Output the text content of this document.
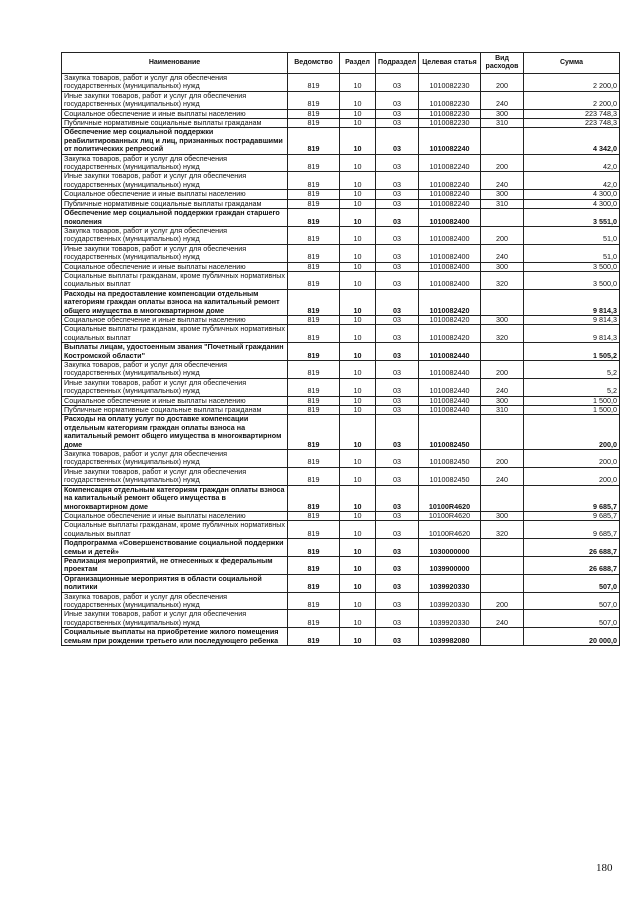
Наименование	Ведомство	Раздел	Подраздел	Целевая статья	Вид расходов	Сумма
Закупка товаров, работ и услуг для обеспечения государственных (муниципальных) нужд	819	10	03	1010082230	200	2 200,0
Иные закупки товаров, работ и услуг для обеспечения государственных (муниципальных) нужд	819	10	03	1010082230	240	2 200,0
Социальное обеспечение и иные выплаты населению	819	10	03	1010082230	300	223 748,3
Публичные нормативные социальные выплаты гражданам	819	10	03	1010082230	310	223 748,3
Обеспечение мер социальной поддержки реабилитированных лиц и лиц, признанных пострадавшими от политических репрессий	819	10	03	1010082240		4 342,0
Закупка товаров, работ и услуг для обеспечения государственных (муниципальных) нужд	819	10	03	1010082240	200	42,0
Иные закупки товаров, работ и услуг для обеспечения государственных (муниципальных) нужд	819	10	03	1010082240	240	42,0
Социальное обеспечение и иные выплаты населению	819	10	03	1010082240	300	4 300,0
Публичные нормативные социальные выплаты гражданам	819	10	03	1010082240	310	4 300,0
Обеспечение мер социальной поддержки граждан старшего поколения	819	10	03	1010082400		3 551,0
Закупка товаров, работ и услуг для обеспечения государственных (муниципальных) нужд	819	10	03	1010082400	200	51,0
Иные закупки товаров, работ и услуг для обеспечения государственных (муниципальных) нужд	819	10	03	1010082400	240	51,0
Социальное обеспечение и иные выплаты населению	819	10	03	1010082400	300	3 500,0
Социальные выплаты гражданам, кроме публичных нормативных социальных выплат	819	10	03	1010082400	320	3 500,0
Расходы на предоставление компенсации отдельным категориям граждан оплаты взноса на капитальный ремонт общего имущества в многоквартирном доме	819	10	03	1010082420		9 814,3
Социальное обеспечение и иные выплаты населению	819	10	03	1010082420	300	9 814,3
Социальные выплаты гражданам, кроме публичных нормативных социальных выплат	819	10	03	1010082420	320	9 814,3
Выплаты лицам, удостоенным звания "Почетный гражданин Костромской области"	819	10	03	1010082440		1 505,2
Закупка товаров, работ и услуг для обеспечения государственных (муниципальных) нужд	819	10	03	1010082440	200	5,2
Иные закупки товаров, работ и услуг для обеспечения государственных (муниципальных) нужд	819	10	03	1010082440	240	5,2
Социальное обеспечение и иные выплаты населению	819	10	03	1010082440	300	1 500,0
Публичные нормативные социальные выплаты гражданам	819	10	03	1010082440	310	1 500,0
Расходы на оплату услуг по доставке компенсации отдельным категориям граждан оплаты взноса на капитальный ремонт общего имущества в многоквартирном доме	819	10	03	1010082450		200,0
Закупка товаров, работ и услуг для обеспечения государственных (муниципальных) нужд	819	10	03	1010082450	200	200,0
Иные закупки товаров, работ и услуг для обеспечения государственных (муниципальных) нужд	819	10	03	1010082450	240	200,0
Компенсация отдельным категориям граждан оплаты взноса на капитальный ремонт общего имущества в многоквартирном доме	819	10	03	10100R4620		9 685,7
Социальное обеспечение и иные выплаты населению	819	10	03	10100R4620	300	9 685,7
Социальные выплаты гражданам, кроме публичных нормативных социальных выплат	819	10	03	10100R4620	320	9 685,7
Подпрограмма «Совершенствование социальной поддержки семьи и детей»	819	10	03	1030000000		26 688,7
Реализация мероприятий, не отнесенных к федеральным проектам	819	10	03	1039900000		26 688,7
Организационные мероприятия в области социальной политики	819	10	03	1039920330		507,0
Закупка товаров, работ и услуг для обеспечения государственных (муниципальных) нужд	819	10	03	1039920330	200	507,0
Иные закупки товаров, работ и услуг для обеспечения государственных (муниципальных) нужд	819	10	03	1039920330	240	507,0
Социальные выплаты на приобретение жилого помещения семьям при рождении третьего или последующего ребенка	819	10	03	1039982080		20 000,0
180
